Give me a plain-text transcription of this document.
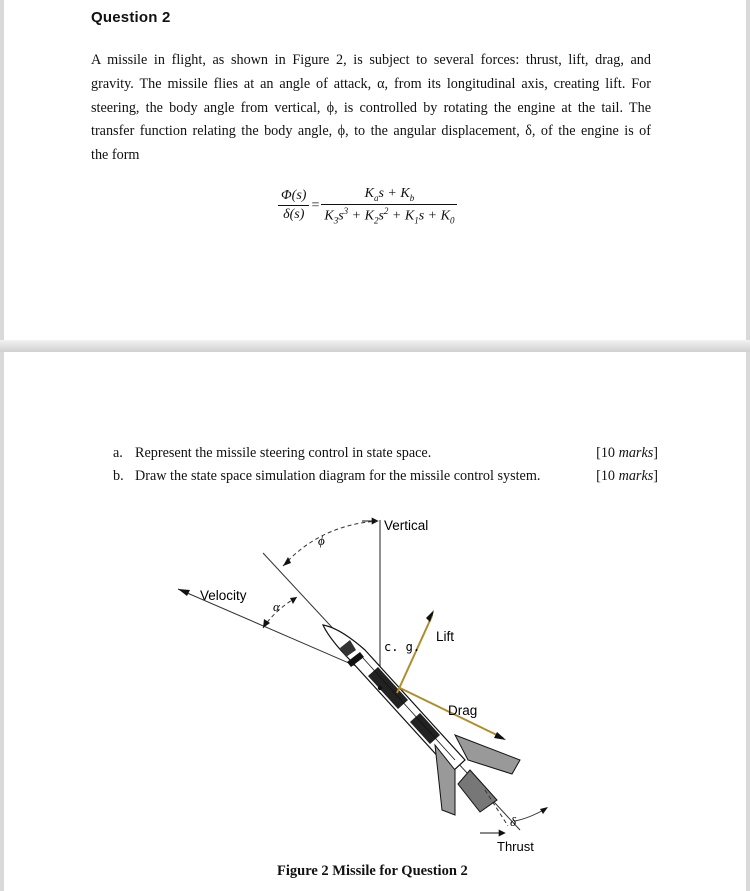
Question 2

A missile in flight, as shown in Figure 2, is subject to several forces: thrust, lift, drag, and
gravity. The missile flies at an angle of attack, α, from its longitudinal axis, creating lift. For
steering, the body angle from vertical, ϕ, is controlled by rotating the engine at the tail. The
transfer function relating the body angle, ϕ, to the angular displacement, δ, of the engine is of
the form

$\frac{\Phi(s)}{\delta(s)} = \frac{K_as + K_b}{K_3s^3 + K_2s^2 + K_1s + K_0}$
a. Represent the missile steering control in state space.	[10 marks]
b. Draw the state space simulation diagram for the missile control system.	[10 marks]
Vertical
Velocity
Lift
c. g.
Drag
Thrust
ϕ
α
δ
Figure 2 Missile for Question 2
